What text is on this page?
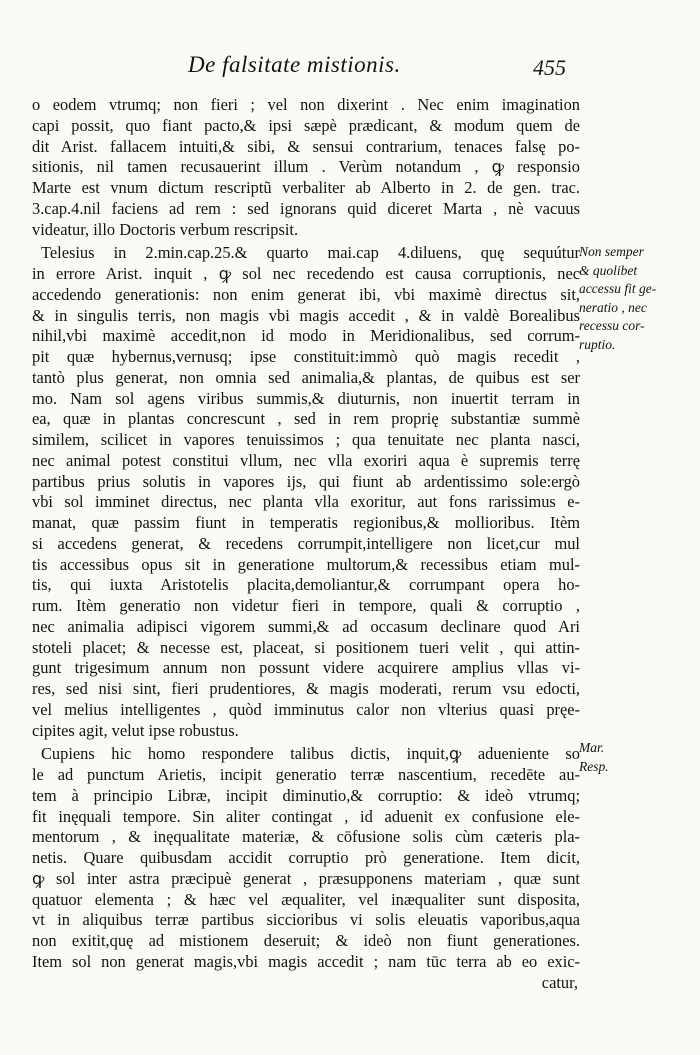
De falsitate mistionis.	455
o eodem vtrumq; non fieri ; vel non dixerint . Nec enim imagination
capi possit, quo fiant pacto,& ipsi sæpè prædicant, & modum quem de
dit Arist. fallacem intuiti,& sibi, & sensui contrarium, tenaces falsę po-
sitionis, nil tamen recusauerint illum . Verùm notandum , ꝙ responsio
Marte est vnum dictum rescriptũ verbaliter ab Alberto in 2. de gen. trac.
3.cap.4.nil faciens ad rem : sed ignorans quid diceret Marta , nè vacuus
videatur, illo Doctoris verbum rescripsit.
Telesius in 2.min.cap.25.& quarto mai.cap 4.diluens, quę sequútur
in errore Arist. inquit , ꝙ sol nec recedendo est causa corruptionis, nec
accedendo generationis: non enim generat ibi, vbi maximè directus sit,
& in singulis terris, non magis vbi magis accedit , & in valdè Borealibus
nihil,vbi maximè accedit,non id modo in Meridionalibus, sed corrum-
pit quæ hybernus,vernusq; ipse constituit:immò quò magis recedit ,
tantò plus generat, non omnia sed animalia,& plantas, de quibus est ser
mo. Nam sol agens viribus summis,& diuturnis, non inuertit terram in
ea, quæ in plantas concrescunt , sed in rem proprię substantiæ summè
similem, scilicet in vapores tenuissimos ; qua tenuitate nec planta nasci,
nec animal potest constitui vllum, nec vlla exoriri aqua è supremis terrę
partibus prius solutis in vapores ijs, qui fiunt ab ardentissimo sole:ergò
vbi sol imminet directus, nec planta vlla exoritur, aut fons rarissimus e-
manat, quæ passim fiunt in temperatis regionibus,& mollioribus. Itèm
si accedens generat, & recedens corrumpit,intelligere non licet,cur mul
tis accessibus opus sit in generatione multorum,& recessibus etiam mul-
tis, qui iuxta Aristotelis placita,demoliantur,& corrumpant opera ho-
rum. Itèm generatio non videtur fieri in tempore, quali & corruptio ,
nec animalia adipisci vigorem summi,& ad occasum declinare quod Ari
stoteli placet; & necesse est, placeat, si positionem tueri velit , qui attin-
gunt trigesimum annum non possunt videre acquirere amplius vllas vi-
res, sed nisi sint, fieri prudentiores, & magis moderati, rerum vsu edocti,
vel melius intelligentes , quòd imminutus calor non vlterius quasi pręe-
cipites agit, velut ipse robustus.
Cupiens hic homo respondere talibus dictis, inquit,ꝙ adueniente so
le ad punctum Arietis, incipit generatio terræ nascentium, recedēte au-
tem à principio Libræ, incipit diminutio,& corruptio: & ideò vtrumq;
fit inęquali tempore. Sin aliter contingat , id aduenit ex confusione ele-
mentorum , & inęqualitate materiæ, & cōfusione solis cùm cæteris pla-
netis. Quare quibusdam accidit corruptio prò generatione. Item dicit,
ꝙ sol inter astra præcipuè generat , præsupponens materiam , quæ sunt
quatuor elementa ; & hæc vel æqualiter, vel inæqualiter sunt disposita,
vt in aliquibus terræ partibus siccioribus vi solis eleuatis vaporibus,aqua
non exitit,quę ad mistionem deseruit; & ideò non fiunt generationes.
Item sol non generat magis,vbi magis accedit ; nam tūc terra ab eo exic-
catur,
Non semper
& quolibet
accessu fit ge-
neratio , nec
recessu cor-
ruptio.
Mar.
Resp.
